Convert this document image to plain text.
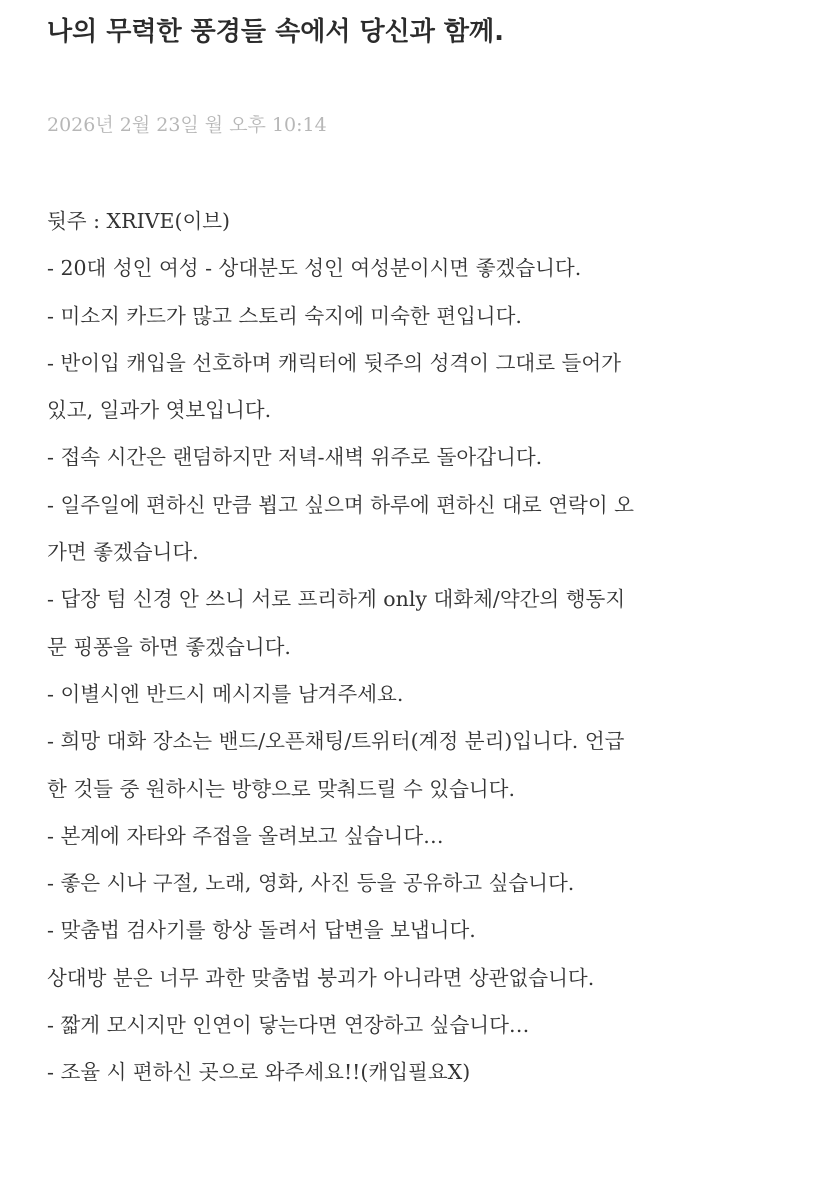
나의 무력한 풍경들 속에서 당신과 함께.
2026년 2월 23일 월 오후 10:14
뒷주 : XRIVE(이브)
- 20대 성인 여성 - 상대분도 성인 여성분이시면 좋겠습니다.
- 미소지 카드가 많고 스토리 숙지에 미숙한 편입니다.
- 반이입 캐입을 선호하며 캐릭터에 뒷주의 성격이 그대로 들어가
있고, 일과가 엿보입니다.
- 접속 시간은 랜덤하지만 저녁-새벽 위주로 돌아갑니다.
- 일주일에 편하신 만큼 뵙고 싶으며 하루에 편하신 대로 연락이 오
가면 좋겠습니다.
- 답장 텀 신경 안 쓰니 서로 프리하게 only 대화체/약간의 행동지
문 핑퐁을 하면 좋겠습니다.
- 이별시엔 반드시 메시지를 남겨주세요.
- 희망 대화 장소는 밴드/오픈채팅/트위터(계정 분리)입니다. 언급
한 것들 중 원하시는 방향으로 맞춰드릴 수 있습니다.
- 본계에 자타와 주접을 올려보고 싶습니다…
- 좋은 시나 구절, 노래, 영화, 사진 등을 공유하고 싶습니다.
- 맞춤법 검사기를 항상 돌려서 답변을 보냅니다.
상대방 분은 너무 과한 맞춤법 붕괴가 아니라면 상관없습니다.
- 짧게 모시지만 인연이 닿는다면 연장하고 싶습니다…
- 조율 시 편하신 곳으로 와주세요!!(캐입필요X)
